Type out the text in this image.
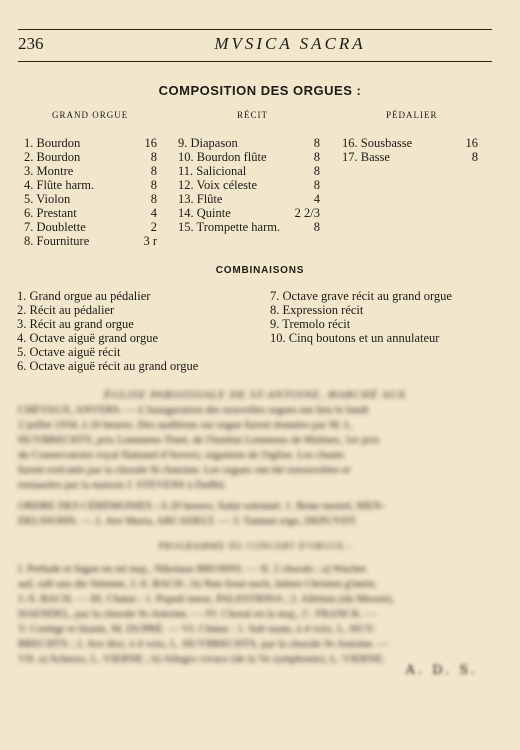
236	MVSICA SACRA
COMPOSITION DES ORGUES :
GRAND ORGUE	RÉCIT	PÉDALIER
1. Bourdon	16
2. Bourdon	8
3. Montre	8
4. Flûte harm.	8
5. Violon	8
6. Prestant	4
7. Doublette	2
8. Fourniture	3 r
9. Diapason	8
10. Bourdon flûte	8
11. Salicional	8
12. Voix céleste	8
13. Flûte	4
14. Quinte	2 2/3
15. Trompette harm.	8
16. Sousbasse	16
17. Basse	8
COMBINAISONS
1. Grand orgue au pédalier
2. Récit au pédalier
3. Récit au grand orgue
4. Octave aiguë grand orgue
5. Octave aiguë récit
6. Octave aiguë récit au grand orgue
7. Octave grave récit au grand orgue
8. Expression récit
9. Tremolo récit
10. Cinq boutons et un annulateur
ÉGLISE PAROISSIALE DE ST-ANTOINE, MARCHÉ AUX
CHEVAUX, ANVERS. — L'inauguration des nouvelles orgues eut lieu le lundi
2 juillet 1934, à 20 heures. Des auditions sur orgue furent données par M. L.
HUYBRECHTS, prix Lemmens-Tinel, de l'Institut Lemmens de Malines, 1er prix
du Conservatoire royal flamand d'Anvers, organiste de l'église. Les chants
furent exécutés par la chorale St-Antoine. Les orgues ont été renouvelées et
restaurées par la maison J. STEVENS à Duffel.
ORDRE DES CÉRÉMONIES : A 20 heures, Salut solennel. 1. Bone mortel, MEN-
DELSSOHN. — 2. Ave Maria, ARCADELT. — 3. Tantum ergo, DEPUYDT.
PROGRAMME DU CONCERT D'ORGUE :
I. Prélude et fugue en mi maj., Nikolaus BRUHNS. — II. 2 chorals : a) Wachet
auf, ruft uns die Stimme, J.-S. BACH ; b) Nun freut euch, lieben Christen g'mein,
J.-S. BACH. — III. Chœur : 1. Populi meus, PALESTRINA ; 2. Alleluia (du Messie),
HAENDEL, par la chorale St-Antoine. — IV. Choral en la maj., C. FRANCK. —
V. Cortège et litanie, M. DUPRÉ. — VI. Chœur : 1. Sub tuum, à 4 voix, L. HUY-
BRECHTS ; 2. Ave dixi, à 4 voix, L. HUYBRECHTS, par la chorale St-Antoine. —
VII. a) Scherzo, L. VIERNE ; b) Allegro vivace (de la Ve symphonie), L. VIERNE.
A. D. S.
